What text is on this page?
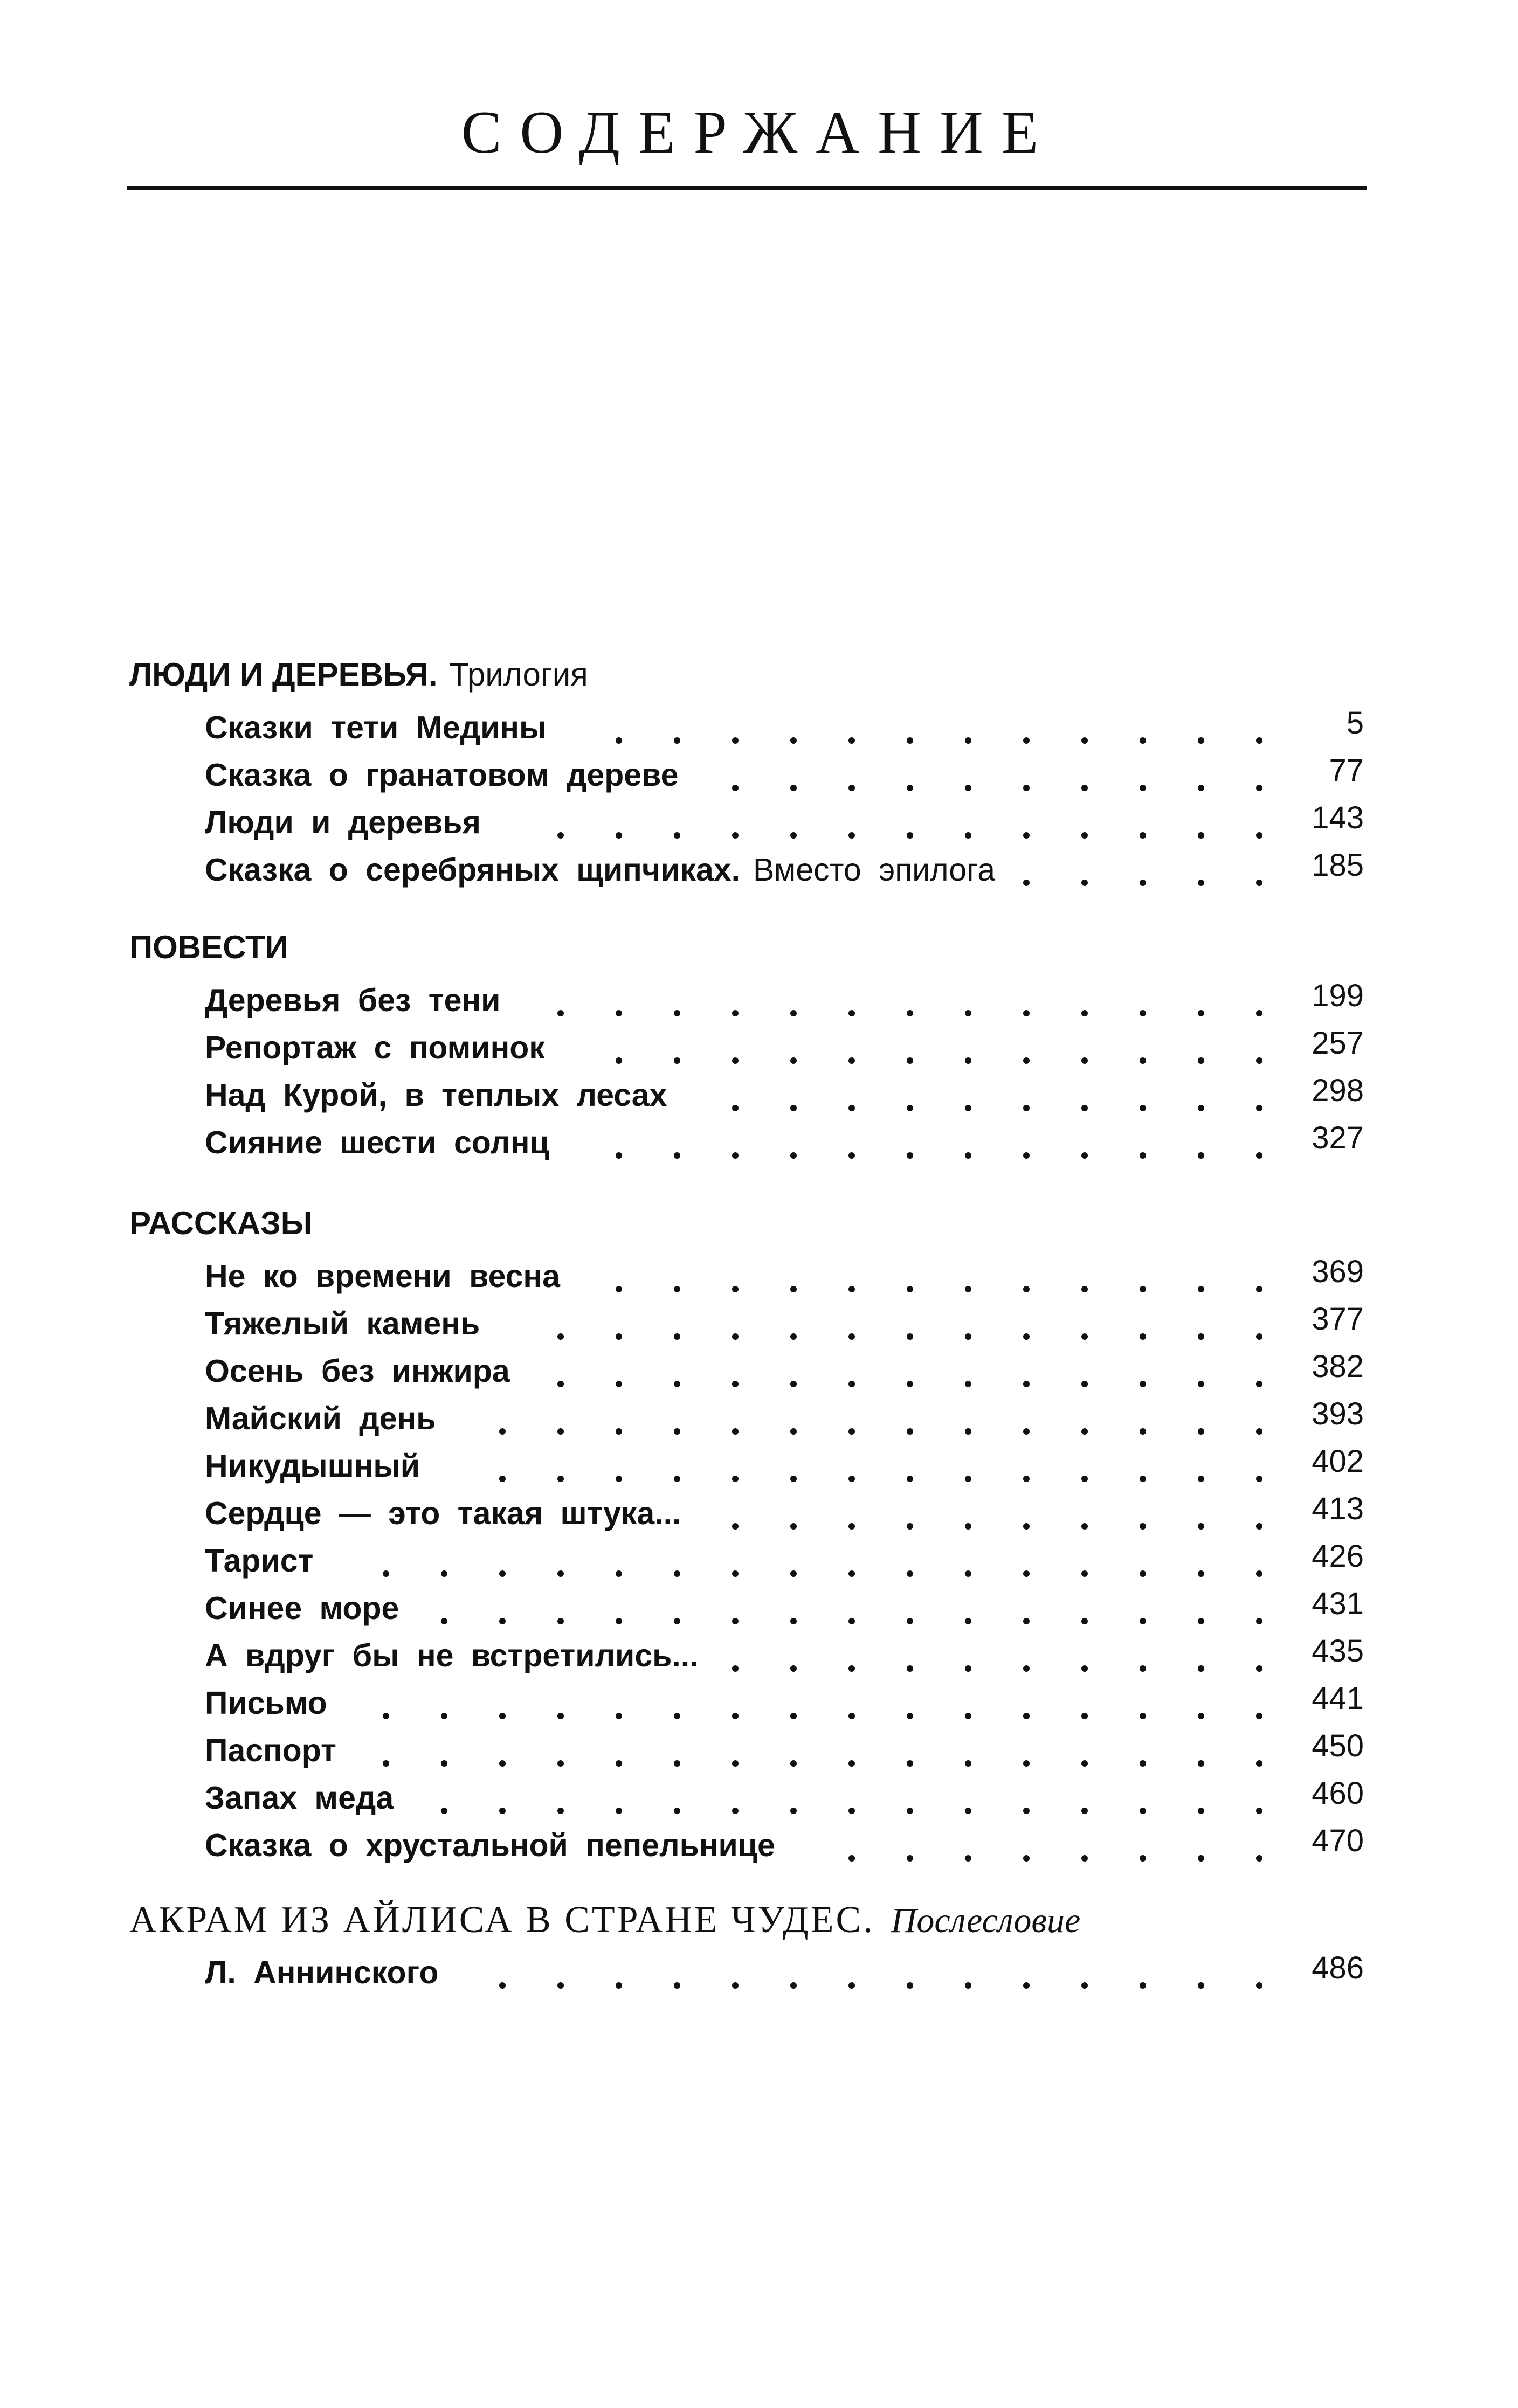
СОДЕРЖАНИЕ
ЛЮДИ И ДЕРЕВЬЯ. Трилогия
Сказки тети Медины	5
Сказка о гранатовом дереве	77
Люди и деревья	143
Сказка о серебряных щипчиках. Вместо эпилога	185
ПОВЕСТИ
Деревья без тени	199
Репортаж с поминок	257
Над Курой, в теплых лесах	298
Сияние шести солнц	327
РАССКАЗЫ
Не ко времени весна	369
Тяжелый камень	377
Осень без инжира	382
Майский день	393
Никудышный	402
Сердце — это такая штука...	413
Тарист	426
Синее море	431
А вдруг бы не встретились...	435
Письмо	441
Паспорт	450
Запах меда	460
Сказка о хрустальной пепельнице	470
АКРАМ ИЗ АЙЛИСА В СТРАНЕ ЧУДЕС. Послесловие
Л. Аннинского	486
